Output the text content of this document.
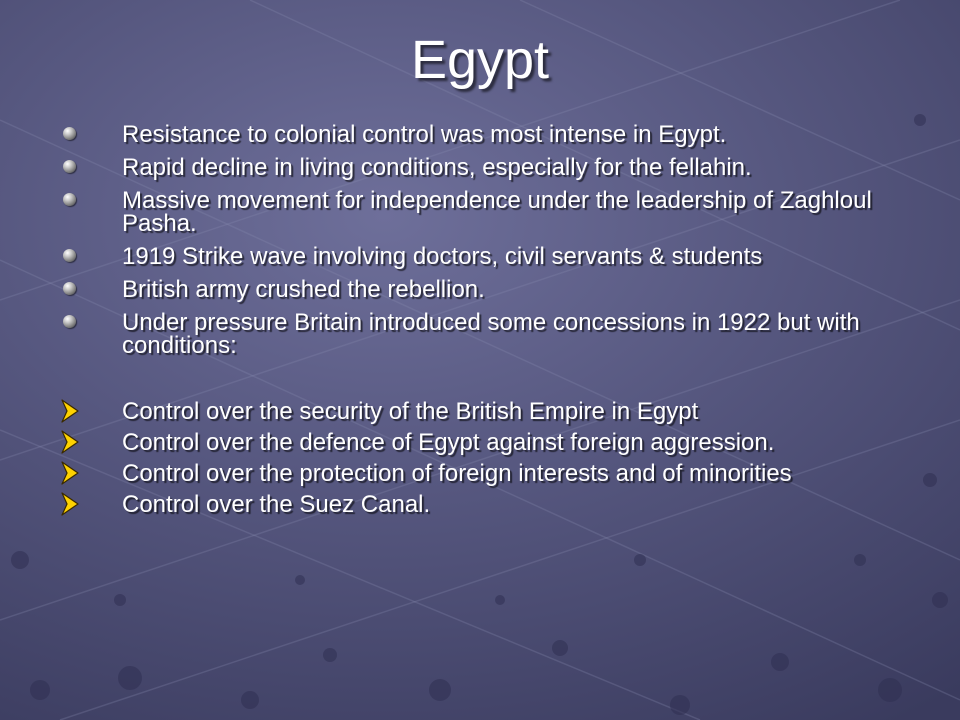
Egypt
Resistance to colonial control was most intense in Egypt.
Rapid decline in living conditions, especially for the fellahin.
Massive movement for independence under the leadership of Zaghloul Pasha.
1919 Strike wave involving doctors, civil servants & students
British army crushed the rebellion.
Under pressure Britain introduced some concessions in 1922 but with conditions:
Control over the security of the British Empire in Egypt
Control over the defence of Egypt against foreign aggression.
Control over the protection of foreign interests and of minorities
Control over the Suez Canal.
